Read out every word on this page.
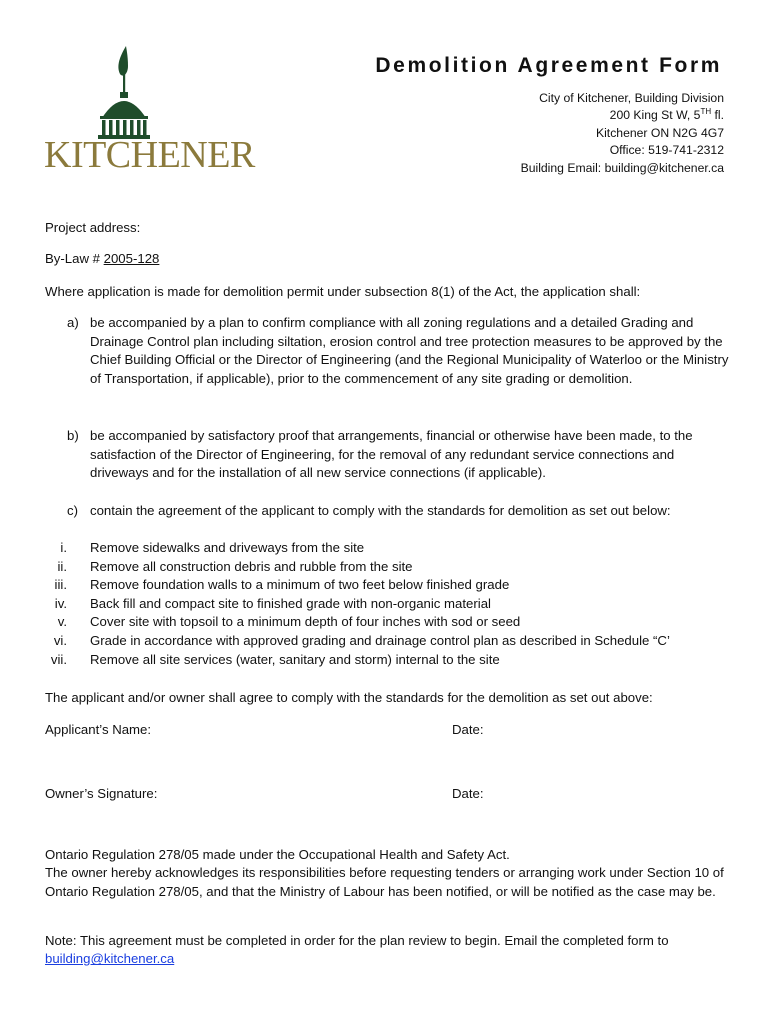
KITCHENER
Demolition Agreement Form
City of Kitchener, Building Division
200 King St W, 5TH fl.
Kitchener ON N2G 4G7
Office: 519-741-2312
Building Email: building@kitchener.ca
Project address:
By-Law # 2005-128
Where application is made for demolition permit under subsection 8(1) of the Act, the application shall:
a) be accompanied by a plan to confirm compliance with all zoning regulations and a detailed Grading and Drainage Control plan including siltation, erosion control and tree protection measures to be approved by the Chief Building Official or the Director of Engineering (and the Regional Municipality of Waterloo or the Ministry of Transportation, if applicable), prior to the commencement of any site grading or demolition.
b) be accompanied by satisfactory proof that arrangements, financial or otherwise have been made, to the satisfaction of the Director of Engineering, for the removal of any redundant service connections and driveways and for the installation of all new service connections (if applicable).
c) contain the agreement of the applicant to comply with the standards for demolition as set out below:
i.	Remove sidewalks and driveways from the site
ii.	Remove all construction debris and rubble from the site
iii.	Remove foundation walls to a minimum of two feet below finished grade
iv.	Back fill and compact site to finished grade with non-organic material
v.	Cover site with topsoil to a minimum depth of four inches with sod or seed
vi.	Grade in accordance with approved grading and drainage control plan as described in Schedule “C’
vii.	Remove all site services (water, sanitary and storm) internal to the site
The applicant and/or owner shall agree to comply with the standards for the demolition as set out above:
Applicant’s Name:	Date:
Owner’s Signature:	Date:
Ontario Regulation 278/05 made under the Occupational Health and Safety Act.
The owner hereby acknowledges its responsibilities before requesting tenders or arranging work under Section 10 of Ontario Regulation 278/05, and that the Ministry of Labour has been notified, or will be notified as the case may be.
Note: This agreement must be completed in order for the plan review to begin. Email the completed form to
building@kitchener.ca
